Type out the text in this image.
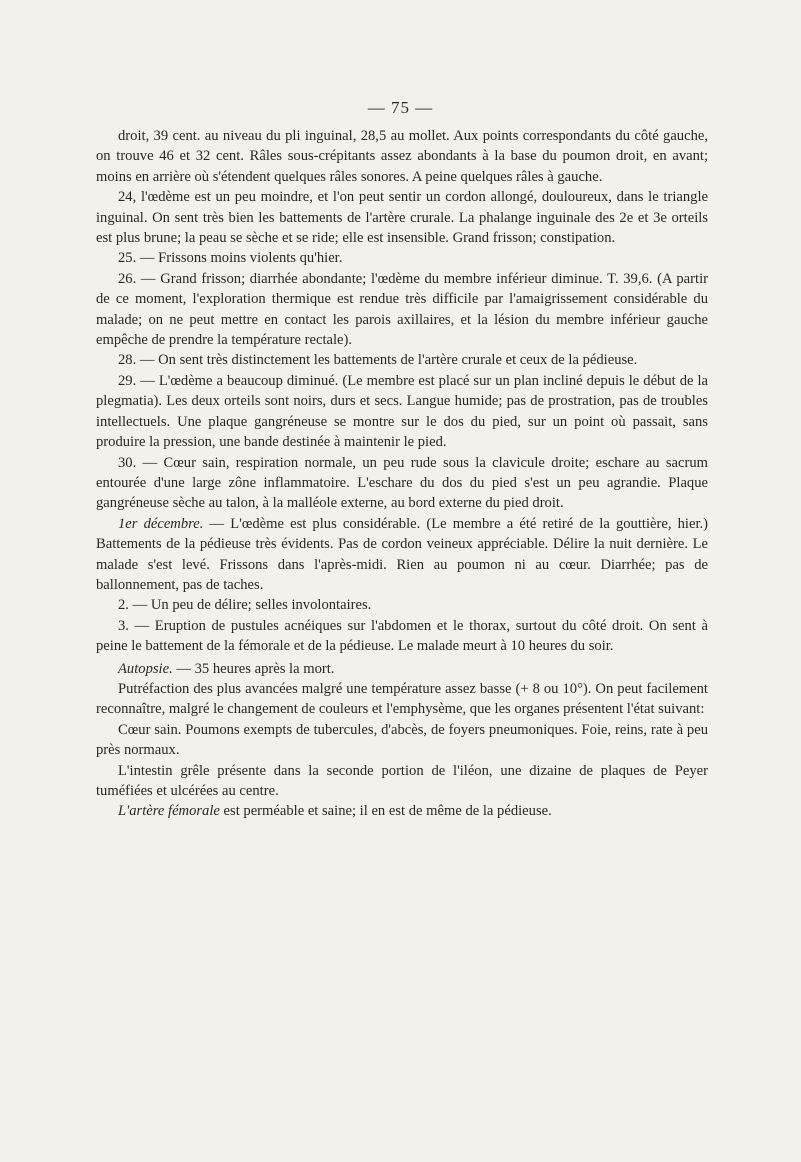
— 75 —

droit, 39 cent. au niveau du pli inguinal, 28,5 au mollet. Aux points correspondants du côté gauche, on trouve 46 et 32 cent. Râles sous-crépitants assez abondants à la base du poumon droit, en avant; moins en arrière où s'étendent quelques râles sonores. A peine quelques râles à gauche.

24, l'œdème est un peu moindre, et l'on peut sentir un cordon allongé, douloureux, dans le triangle inguinal. On sent très bien les battements de l'artère crurale. La phalange inguinale des 2e et 3e orteils est plus brune; la peau se sèche et se ride; elle est insensible. Grand frisson; constipation.

25. — Frissons moins violents qu'hier.

26. — Grand frisson; diarrhée abondante; l'œdème du membre inférieur diminue. T. 39,6. (A partir de ce moment, l'exploration thermique est rendue très difficile par l'amaigrissement considérable du malade; on ne peut mettre en contact les parois axillaires, et la lésion du membre inférieur gauche empêche de prendre la température rectale).

28. — On sent très distinctement les battements de l'artère crurale et ceux de la pédieuse.

29. — L'œdème a beaucoup diminué. (Le membre est placé sur un plan incliné depuis le début de la plegmatia). Les deux orteils sont noirs, durs et secs. Langue humide; pas de prostration, pas de troubles intellectuels. Une plaque gangréneuse se montre sur le dos du pied, sur un point où passait, sans produire la pression, une bande destinée à maintenir le pied.

30. — Cœur sain, respiration normale, un peu rude sous la clavicule droite; eschare au sacrum entourée d'une large zône inflammatoire. L'eschare du dos du pied s'est un peu agrandie. Plaque gangréneuse sèche au talon, à la malléole externe, au bord externe du pied droit.

1er décembre. — L'œdème est plus considérable. (Le membre a été retiré de la gouttière, hier.) Battements de la pédieuse très évidents. Pas de cordon veineux appréciable. Délire la nuit dernière. Le malade s'est levé. Frissons dans l'après-midi. Rien au poumon ni au cœur. Diarrhée; pas de ballonnement, pas de taches.

2. — Un peu de délire; selles involontaires.

3. — Eruption de pustules acnéiques sur l'abdomen et le thorax, surtout du côté droit. On sent à peine le battement de la fémorale et de la pédieuse. Le malade meurt à 10 heures du soir.

Autopsie. — 35 heures après la mort.

Putréfaction des plus avancées malgré une température assez basse (+ 8 ou 10°). On peut facilement reconnaître, malgré le changement de couleurs et l'emphysème, que les organes présentent l'état suivant:

Cœur sain. Poumons exempts de tubercules, d'abcès, de foyers pneumoniques. Foie, reins, rate à peu près normaux.

L'intestin grêle présente dans la seconde portion de l'iléon, une dizaine de plaques de Peyer tuméfiées et ulcérées au centre.

L'artère fémorale est perméable et saine; il en est de même de la pédieuse.
